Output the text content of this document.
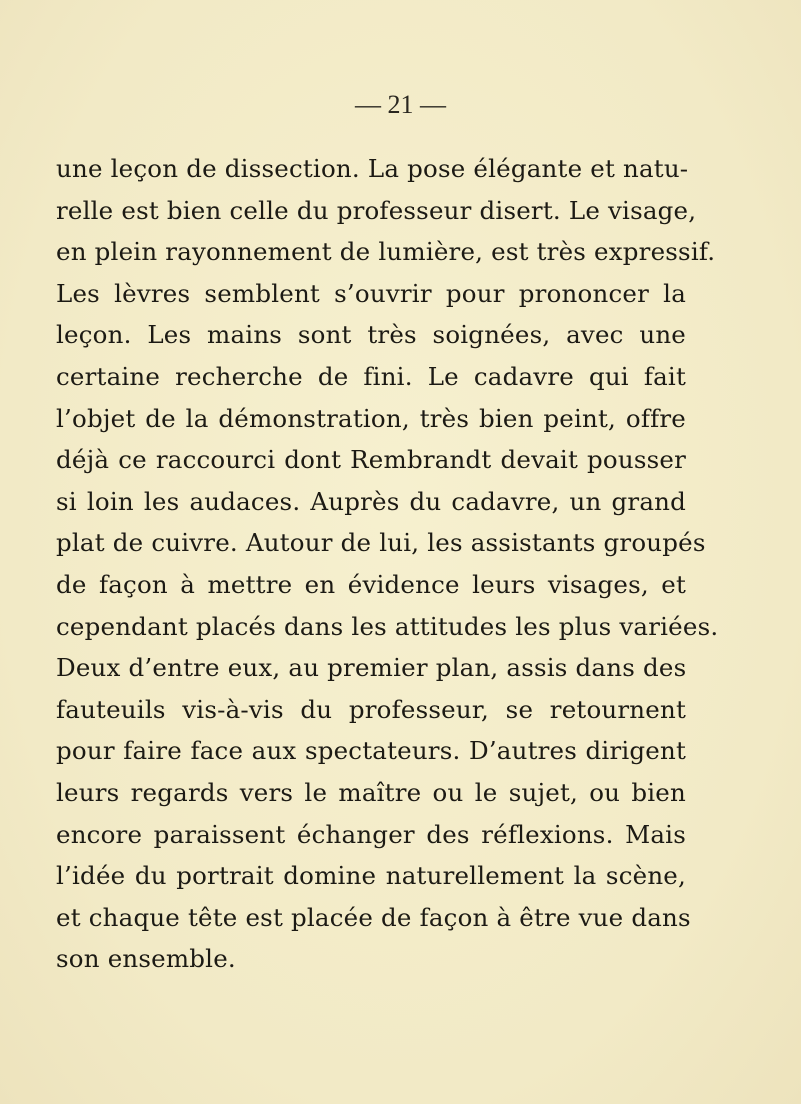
— 21 —
une leçon de dissection. La pose élégante et natu-
relle est bien celle du professeur disert. Le visage,
en plein rayonnement de lumière, est très expressif.
Les lèvres semblent s’ouvrir pour prononcer la
leçon. Les mains sont très soignées, avec une
certaine recherche de fini. Le cadavre qui fait
l’objet de la démonstration, très bien peint, offre
déjà ce raccourci dont Rembrandt devait pousser
si loin les audaces. Auprès du cadavre, un grand
plat de cuivre. Autour de lui, les assistants groupés
de façon à mettre en évidence leurs visages, et
cependant placés dans les attitudes les plus variées.
Deux d’entre eux, au premier plan, assis dans des
fauteuils vis-à-vis du professeur, se retournent
pour faire face aux spectateurs. D’autres dirigent
leurs regards vers le maître ou le sujet, ou bien
encore paraissent échanger des réflexions. Mais
l’idée du portrait domine naturellement la scène,
et chaque tête est placée de façon à être vue dans
son ensemble.
